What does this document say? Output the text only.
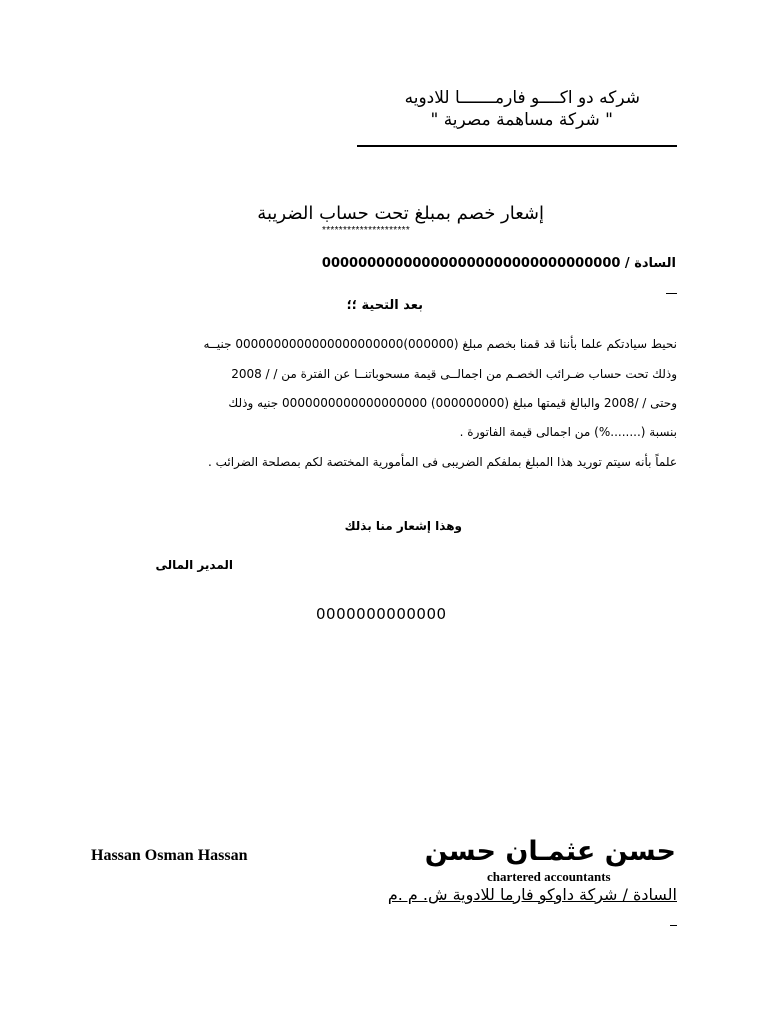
شركه دو اكــــو فارمـــــــا للادويه
" شركة مساهمة مصرية "
إشعار خصم بمبلغ تحت حساب الضريبة
*********************
السادة / 000000000000000000000000000000000
بعد التحية ؛؛
نحيط سيادتكم علما بأننا قد قمنا بخصم مبلغ (000000)0000000000000000000000 جنيــه
وذلك تحت حساب ضـرائب الخصـم من اجمالــى قيمة مسحوباتنــا عن الفترة من / / 2008
وحتى / /2008 والبالغ قيمتها مبلغ (000000000) 0000000000000000000 جنيه وذلك
بنسبة (........%) من اجمالى قيمة الفاتورة .
علماً بأنه سيتم توريد هذا المبلغ بملفكم الضريبى فى المأمورية المختصة لكم بمصلحة الضرائب .
وهذا إشعار منا بذلك
المدير المالى
0000000000000
حسن عثمـان حسن
Hassan Osman Hassan
chartered accountants
السادة / شركة داوكو فارما للادوية ش. م .م
